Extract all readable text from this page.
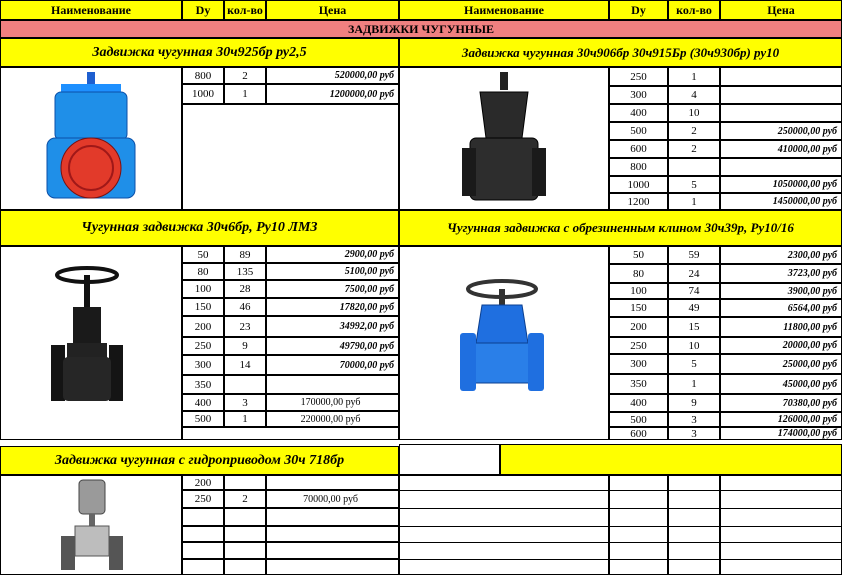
Наименование	Dy	кол-во	Цена	Наименование	Dy	кол-во	Цена
ЗАДВИЖКИ ЧУГУННЫЕ
Задвижка чугунная 30ч925бр ру2,5
800	2	520000,00 руб
1000	1	1200000,00 руб
Задвижка чугунная 30ч906бр 30ч915Бр (30ч930бр) ру10
250	1
300	4
400	10
500	2	250000,00 руб
600	2	410000,00 руб
800
1000	5	1050000,00 руб
1200	1	1450000,00 руб
Чугунная задвижка 30ч6бр, Ру10 ЛМЗ
50	89	2900,00 руб
80	135	5100,00 руб
100	28	7500,00 руб
150	46	17820,00 руб
200	23	34992,00 руб
250	9	49790,00 руб
300	14	70000,00 руб
350
400	3	170000,00 руб
500	1	220000,00 руб
Чугунная задвижка с обрезиненным клином 30ч39р, Ру10/16
50	59	2300,00 руб
80	24	3723,00 руб
100	74	3900,00 руб
150	49	6564,00 руб
200	15	11800,00 руб
250	10	20000,00 руб
300	5	25000,00 руб
350	1	45000,00 руб
400	9	70380,00 руб
500	3	126000,00 руб
600	3	174000,00 руб
Задвижка чугунная с гидроприводом 30ч 718бр
200
250	2	70000,00 руб
